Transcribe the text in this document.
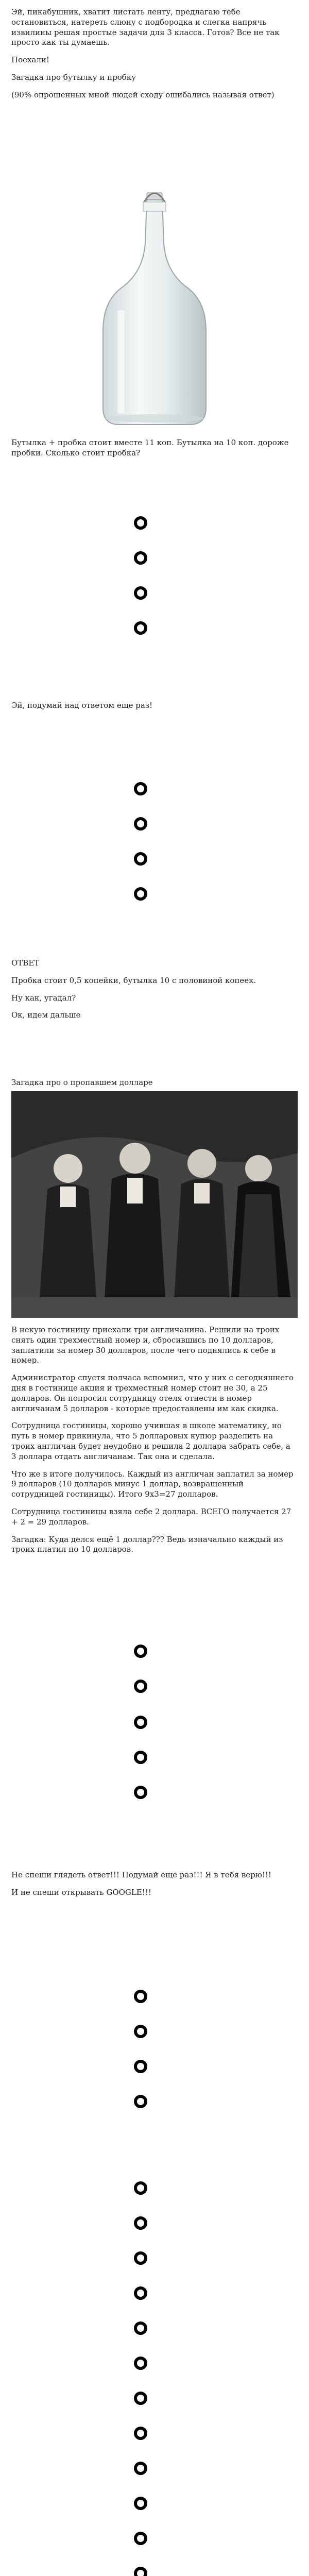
Эй, пикабушник, хватит листать ленту, предлагаю тебе остановиться, натереть слюну с подбородка и слегка напрячь извилины решая простые задачи для 3 класса. Готов? Все не так просто как ты думаешь.

Поехали!

Загадка про бутылку и пробку

(90% опрошенных мной людей сходу ошибались называя ответ)

Бутылка + пробка стоит вместе 11 коп. Бутылка на 10 коп. дороже пробки. Сколько стоит пробка?

Эй, подумай над ответом еще раз!

ОТВЕТ

Пробка стоит 0,5 копейки, бутылка 10 с половиной копеек.

Ну как, угадал?

Ок, идем дальше

Загадка про о пропавшем долларе

В некую гостиницу приехали три англичанина. Решили на троих снять один трехместный номер и, сбросившись по 10 долларов, заплатили за номер 30 долларов, после чего поднялись к себе в номер.

Администратор спустя полчаса вспомнил, что у них с сегодняшнего дня в гостинице акция и трехместный номер стоит не 30, а 25 долларов. Он попросил сотрудницу отеля отнести в номер англичанам 5 долларов - которые предоставлены им как скидка.

Сотрудница гостиницы, хорошо учившая в школе математику, но путь в номер прикинула, что 5 долларовых купюр разделить на троих англичан будет неудобно и решила 2 доллара забрать себе, а 3 доллара отдать англичанам. Так она и сделала.

Что же в итоге получилось. Каждый из англичан заплатил за номер 9 долларов (10 долларов минус 1 доллар, возвращенный сотрудницей гостиницы). Итого 9х3=27 долларов.

Сотрудница гостиницы взяла себе 2 доллара. ВСЕГО получается 27 + 2 = 29 долларов.

Загадка: Куда делся ещё 1 доллар??? Ведь изначально каждый из троих платил по 10 долларов.

Не спеши глядеть ответ!!! Подумай еще раз!!! Я в тебя верю!!!

И не спеши открывать GOOGLE!!!
